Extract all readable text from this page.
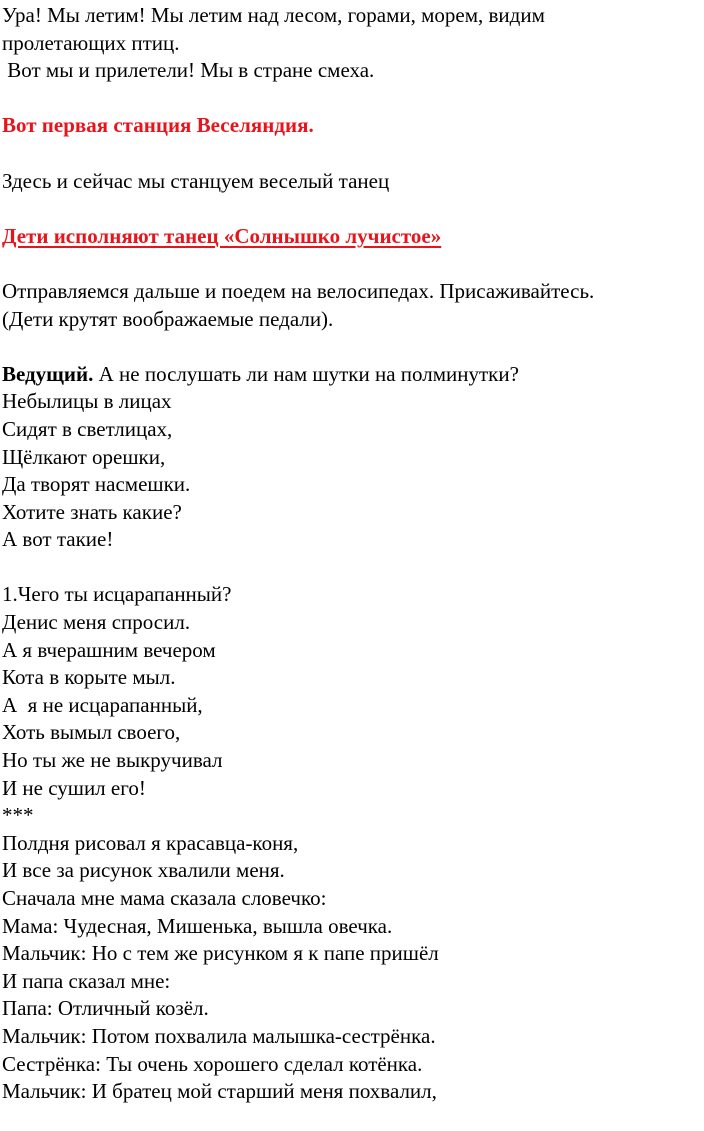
Ура! Мы летим! Мы летим над лесом, горами, морем, видим
пролетающих птиц.
Вот мы и прилетели! Мы в стране смеха.
Вот первая станция Веселяндия.
Здесь и сейчас мы станцуем веселый танец
Дети исполняют танец «Солнышко лучистое»
Отправляемся дальше и поедем на велосипедах. Присаживайтесь.
(Дети крутят воображаемые педали).
Ведущий. А не послушать ли нам шутки на полминутки?
Небылицы в лицах
Сидят в светлицах,
Щёлкают орешки,
Да творят насмешки.
Хотите знать какие?
А вот такие!
1.Чего ты исцарапанный?
Денис меня спросил.
А я вчерашним вечером
Кота в корыте мыл.
А  я не исцарапанный,
Хоть вымыл своего,
Но ты же не выкручивал
И не сушил его!
***
Полдня рисовал я красавца-коня,
И все за рисунок хвалили меня.
Сначала мне мама сказала словечко:
Мама: Чудесная, Мишенька, вышла овечка.
Мальчик: Но с тем же рисунком я к папе пришёл
И папа сказал мне:
Папа: Отличный козёл.
Мальчик: Потом похвалила малышка-сестрёнка.
Сестрёнка: Ты очень хорошего сделал котёнка.
Мальчик: И братец мой старший меня похвалил,
